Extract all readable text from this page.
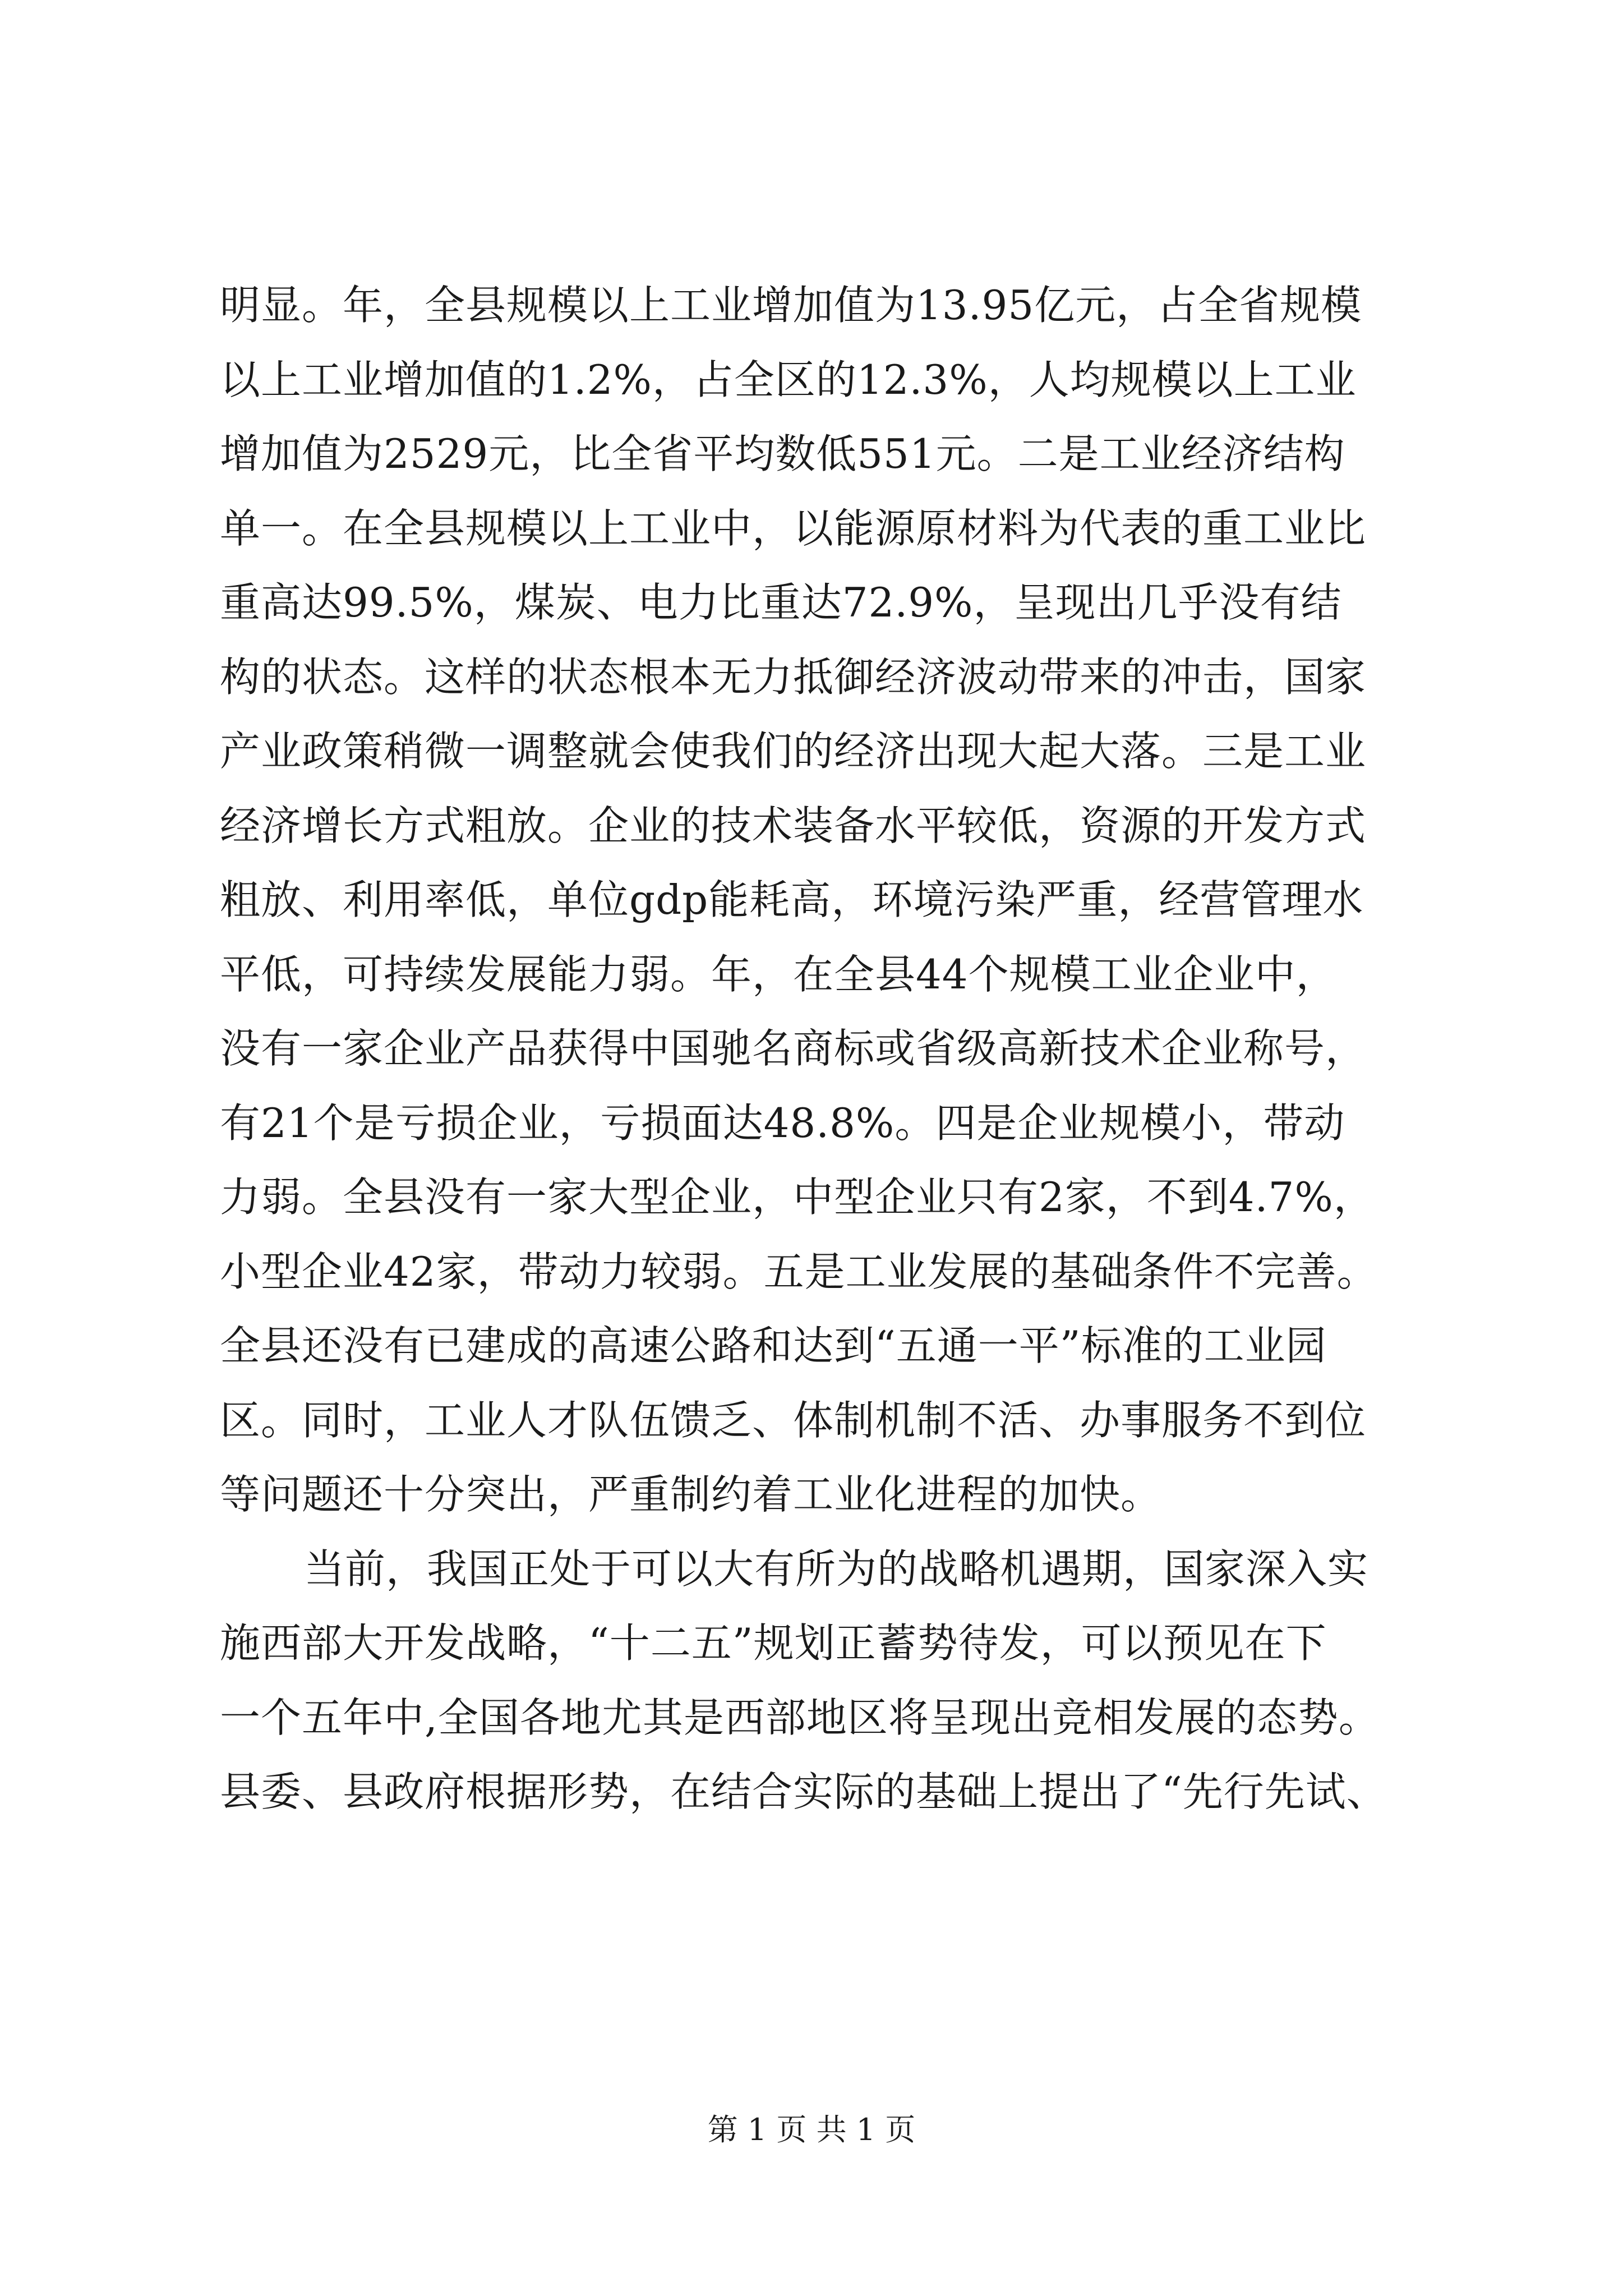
明显。年，全县规模以上工业增加值为13.95亿元，占全省规模
以上工业增加值的1.2%，占全区的12.3%，人均规模以上工业
增加值为2529元，比全省平均数低551元。二是工业经济结构
单一。在全县规模以上工业中，以能源原材料为代表的重工业比
重高达99.5%，煤炭、电力比重达72.9%，呈现出几乎没有结
构的状态。这样的状态根本无力抵御经济波动带来的冲击，国家
产业政策稍微一调整就会使我们的经济出现大起大落。三是工业
经济增长方式粗放。企业的技术装备水平较低，资源的开发方式
粗放、利用率低，单位gdp能耗高，环境污染严重，经营管理水
平低，可持续发展能力弱。年，在全县44个规模工业企业中，
没有一家企业产品获得中国驰名商标或省级高新技术企业称号，
有21个是亏损企业，亏损面达48.8%。四是企业规模小，带动
力弱。全县没有一家大型企业，中型企业只有2家，不到4.7%，
小型企业42家，带动力较弱。五是工业发展的基础条件不完善。
全县还没有已建成的高速公路和达到“五通一平”标准的工业园
区。同时，工业人才队伍馈乏、体制机制不活、办事服务不到位
等问题还十分突出，严重制约着工业化进程的加快。
当前，我国正处于可以大有所为的战略机遇期，国家深入实
施西部大开发战略，“十二五”规划正蓄势待发，可以预见在下
一个五年中,全国各地尤其是西部地区将呈现出竞相发展的态势。
县委、县政府根据形势，在结合实际的基础上提出了“先行先试、
第 1 页 共 1 页
